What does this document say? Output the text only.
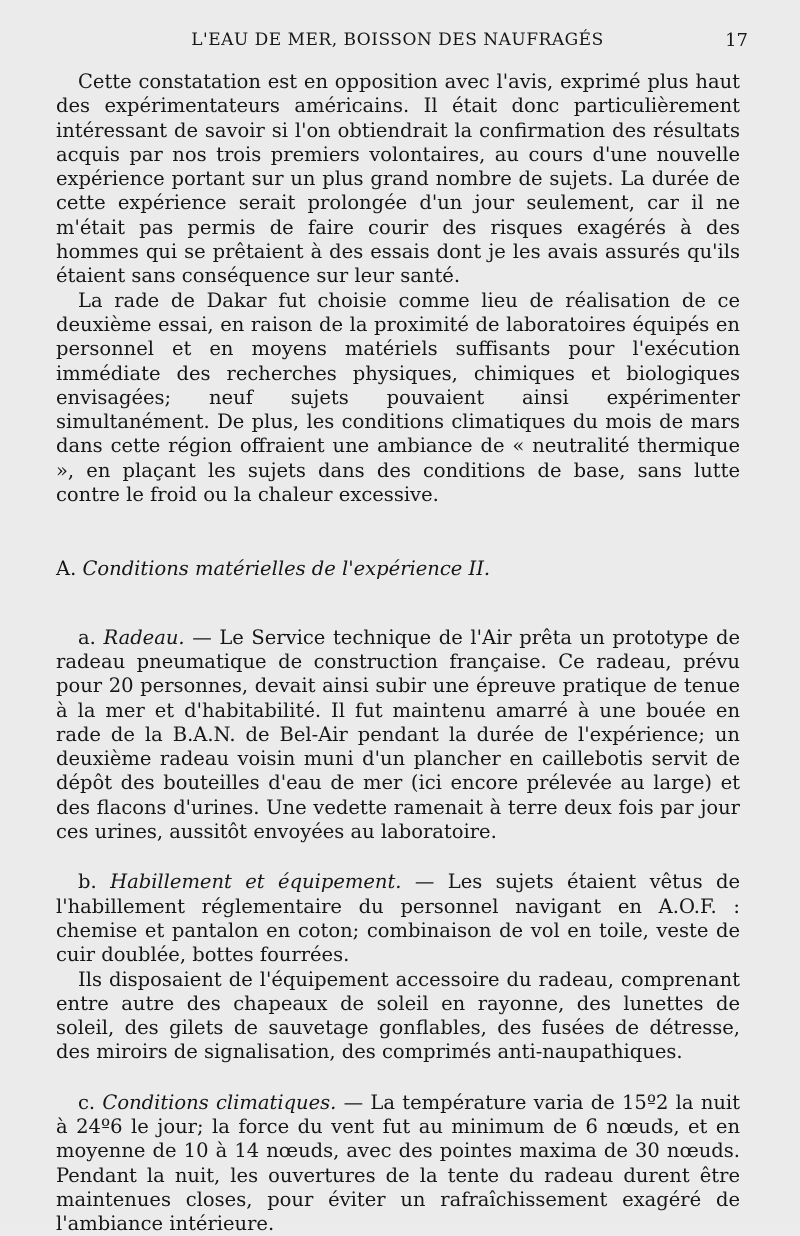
L'EAU DE MER, BOISSON DES NAUFRAGÉS	17

Cette constatation est en opposition avec l'avis, exprimé plus haut des expérimentateurs américains. Il était donc particulièrement intéressant de savoir si l'on obtiendrait la confirmation des résultats acquis par nos trois premiers volontaires, au cours d'une nouvelle expérience portant sur un plus grand nombre de sujets. La durée de cette expérience serait prolongée d'un jour seulement, car il ne m'était pas permis de faire courir des risques exagérés à des hommes qui se prêtaient à des essais dont je les avais assurés qu'ils étaient sans conséquence sur leur santé.

La rade de Dakar fut choisie comme lieu de réalisation de ce deuxième essai, en raison de la proximité de laboratoires équipés en personnel et en moyens matériels suffisants pour l'exécution immédiate des recherches physiques, chimiques et biologiques envisagées; neuf sujets pouvaient ainsi expérimenter simultanément. De plus, les conditions climatiques du mois de mars dans cette région offraient une ambiance de « neutralité thermique », en plaçant les sujets dans des conditions de base, sans lutte contre le froid ou la chaleur excessive.

A. Conditions matérielles de l'expérience II.

a. Radeau. — Le Service technique de l'Air prêta un prototype de radeau pneumatique de construction française. Ce radeau, prévu pour 20 personnes, devait ainsi subir une épreuve pratique de tenue à la mer et d'habitabilité. Il fut maintenu amarré à une bouée en rade de la B.A.N. de Bel-Air pendant la durée de l'expérience; un deuxième radeau voisin muni d'un plancher en caillebotis servit de dépôt des bouteilles d'eau de mer (ici encore prélevée au large) et des flacons d'urines. Une vedette ramenait à terre deux fois par jour ces urines, aussitôt envoyées au laboratoire.

b. Habillement et équipement. — Les sujets étaient vêtus de l'habillement réglementaire du personnel navigant en A.O.F. : chemise et pantalon en coton; combinaison de vol en toile, veste de cuir doublée, bottes fourrées.

Ils disposaient de l'équipement accessoire du radeau, comprenant entre autre des chapeaux de soleil en rayonne, des lunettes de soleil, des gilets de sauvetage gonflables, des fusées de détresse, des miroirs de signalisation, des comprimés anti-naupathiques.

c. Conditions climatiques. — La température varia de 15º2 la nuit à 24º6 le jour; la force du vent fut au minimum de 6 nœuds, et en moyenne de 10 à 14 nœuds, avec des pointes maxima de 30 nœuds. Pendant la nuit, les ouvertures de la tente du radeau durent être maintenues closes, pour éviter un rafraîchissement exagéré de l'ambiance intérieure.
